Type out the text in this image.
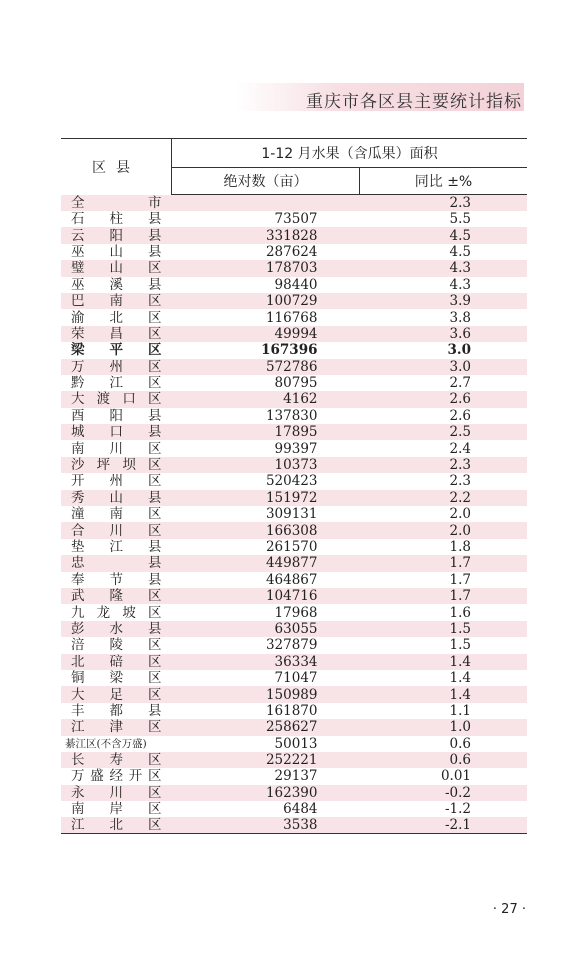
重庆市各区县主要统计指标
区县	1-12 月水果（含瓜果）面积	
	绝对数（亩）	同比 ±%
全市		2.3
石柱县	73507	5.5
云阳县	331828	4.5
巫山县	287624	4.5
璧山区	178703	4.3
巫溪县	98440	4.3
巴南区	100729	3.9
渝北区	116768	3.8
荣昌区	49994	3.6
梁平区	167396	3.0
万州区	572786	3.0
黔江区	80795	2.7
大渡口区	4162	2.6
酉阳县	137830	2.6
城口县	17895	2.5
南川区	99397	2.4
沙坪坝区	10373	2.3
开州区	520423	2.3
秀山县	151972	2.2
潼南区	309131	2.0
合川区	166308	2.0
垫江县	261570	1.8
忠县	449877	1.7
奉节县	464867	1.7
武隆区	104716	1.7
九龙坡区	17968	1.6
彭水县	63055	1.5
涪陵区	327879	1.5
北碚区	36334	1.4
铜梁区	71047	1.4
大足区	150989	1.4
丰都县	161870	1.1
江津区	258627	1.0
綦江区(不含万盛)	50013	0.6
长寿区	252221	0.6
万盛经开区	29137	0.01
永川区	162390	-0.2
南岸区	6484	-1.2
江北区	3538	-2.1
· 27 ·
